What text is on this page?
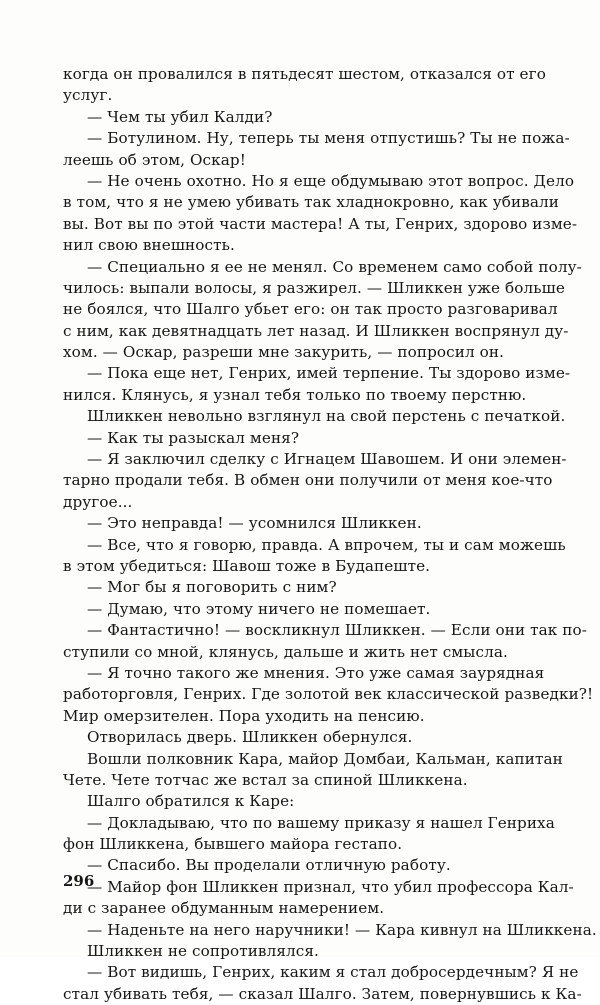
когда он провалился в пятьдесят шестом, отказался от его
услуг.
— Чем ты убил Калди?
— Ботулином. Ну, теперь ты меня отпустишь? Ты не пожа-
леешь об этом, Оскар!
— Не очень охотно. Но я еще обдумываю этот вопрос. Дело
в том, что я не умею убивать так хладнокровно, как убивали
вы. Вот вы по этой части мастера! А ты, Генрих, здорово изме-
нил свою внешность.
— Специально я ее не менял. Со временем само собой полу-
чилось: выпали волосы, я разжирел. — Шликкен уже больше
не боялся, что Шалго убьет его: он так просто разговаривал
с ним, как девятнадцать лет назад. И Шликкен воспрянул ду-
хом. — Оскар, разреши мне закурить, — попросил он.
— Пока еще нет, Генрих, имей терпение. Ты здорово изме-
нился. Клянусь, я узнал тебя только по твоему перстню.
Шликкен невольно взглянул на свой перстень с печаткой.
— Как ты разыскал меня?
— Я заключил сделку с Игнацем Шавошем. И они элемен-
тарно продали тебя. В обмен они получили от меня кое-что
другое...
— Это неправда! — усомнился Шликкен.
— Все, что я говорю, правда. А впрочем, ты и сам можешь
в этом убедиться: Шавош тоже в Будапеште.
— Мог бы я поговорить с ним?
— Думаю, что этому ничего не помешает.
— Фантастично! — воскликнул Шликкен. — Если они так по-
ступили со мной, клянусь, дальше и жить нет смысла.
— Я точно такого же мнения. Это уже самая заурядная
работорговля, Генрих. Где золотой век классической разведки?!
Мир омерзителен. Пора уходить на пенсию.
Отворилась дверь. Шликкен обернулся.
Вошли полковник Кара, майор Домбаи, Кальман, капитан
Чете. Чете тотчас же встал за спиной Шликкена.
Шалго обратился к Каре:
— Докладываю, что по вашему приказу я нашел Генриха
фон Шликкена, бывшего майора гестапо.
— Спасибо. Вы проделали отличную работу.
— Майор фон Шликкен признал, что убил профессора Кал-
ди с заранее обдуманным намерением.
— Наденьте на него наручники! — Кара кивнул на Шликкена.
Шликкен не сопротивлялся.
— Вот видишь, Генрих, каким я стал добросердечным? Я не
стал убивать тебя, — сказал Шалго. Затем, повернувшись к Ка-
296
